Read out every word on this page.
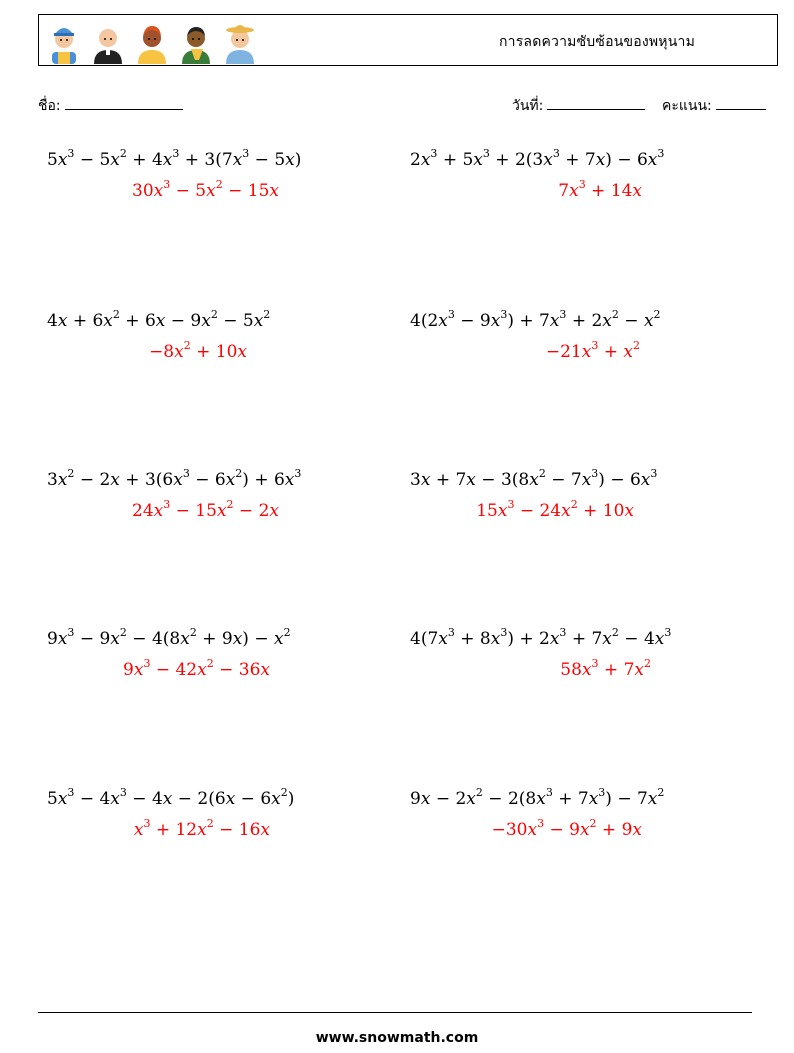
การลดความซับซ้อนของพหุนาม
ชื่อ:	วันที่:	คะแนน:
$5x^3 - 5x^2 + 4x^3 + 3(7x^3 - 5x)$
$30x^3 - 5x^2 - 15x$
$2x^3 + 5x^3 + 2(3x^3 + 7x) - 6x^3$
$7x^3 + 14x$
$4x + 6x^2 + 6x - 9x^2 - 5x^2$
$-8x^2 + 10x$
$4(2x^3 - 9x^3) + 7x^3 + 2x^2 - x^2$
$-21x^3 + x^2$
$3x^2 - 2x + 3(6x^3 - 6x^2) + 6x^3$
$24x^3 - 15x^2 - 2x$
$3x + 7x - 3(8x^2 - 7x^3) - 6x^3$
$15x^3 - 24x^2 + 10x$
$9x^3 - 9x^2 - 4(8x^2 + 9x) - x^2$
$9x^3 - 42x^2 - 36x$
$4(7x^3 + 8x^3) + 2x^3 + 7x^2 - 4x^3$
$58x^3 + 7x^2$
$5x^3 - 4x^3 - 4x - 2(6x - 6x^2)$
$x^3 + 12x^2 - 16x$
$9x - 2x^2 - 2(8x^3 + 7x^3) - 7x^2$
$-30x^3 - 9x^2 + 9x$
www.snowmath.com
